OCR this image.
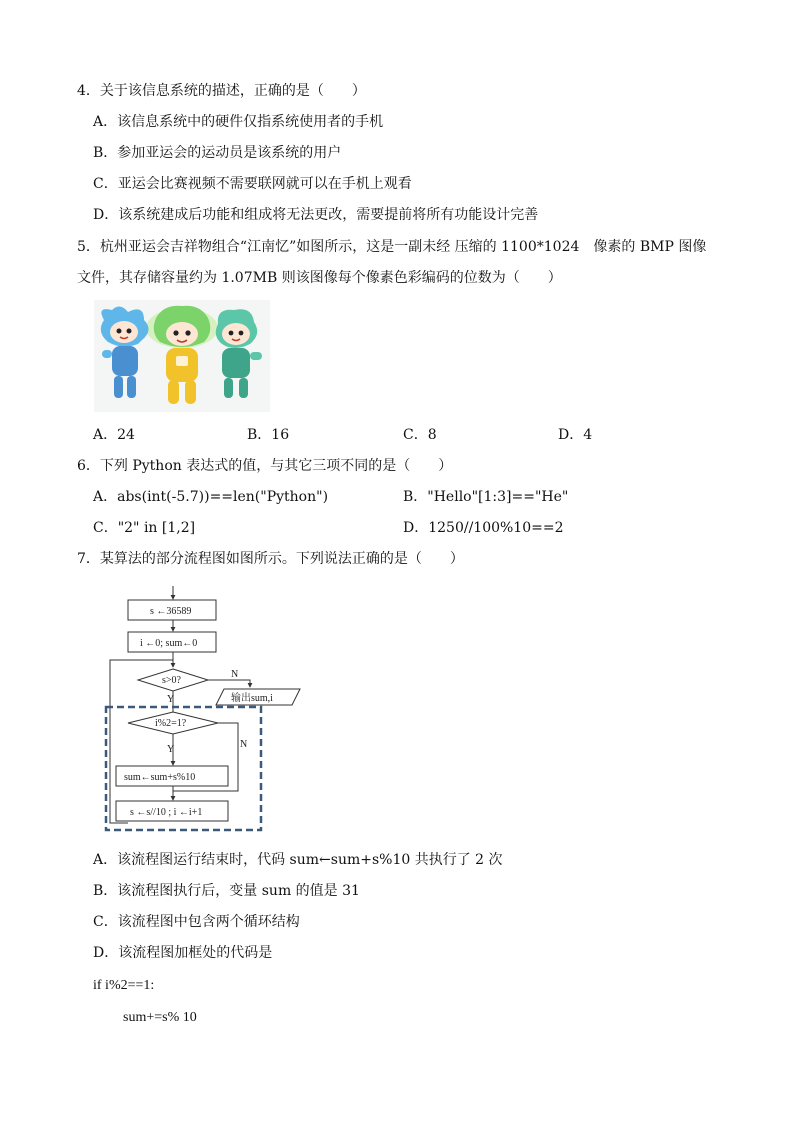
4．关于该信息系统的描述，正确的是（　　）
A．该信息系统中的硬件仅指系统使用者的手机
B．参加亚运会的运动员是该系统的用户
C．亚运会比赛视频不需要联网就可以在手机上观看
D．该系统建成后功能和组成将无法更改，需要提前将所有功能设计完善
5．杭州亚运会吉祥物组合“江南忆”如图所示，这是一副未经 压缩的 1100*1024　像素的 BMP 图像
文件，其存储容量约为 1.07MB 则该图像每个像素色彩编码的位数为（　　）
A．24	B．16	C．8	D．4
6．下列 Python 表达式的值，与其它三项不同的是（　　）
A．abs(int(-5.7))==len("Python")	B．"Hello"[1:3]=="He"
C．"2" in [1,2]	D．1250//100%10==2
7．某算法的部分流程图如图所示。下列说法正确的是（　　）
s ←36589
i ←0; sum←0
s>0?
N
Y	输出sum,i
i%2=1?
N
Y
sum←sum+s%10
s ←s//10 ; i ←i+1
A．该流程图运行结束时，代码 sum←sum+s%10 共执行了 2 次
B．该流程图执行后，变量 sum 的值是 31
C．该流程图中包含两个循环结构
D．该流程图加框处的代码是
if i%2==1:
sum+=s% 10
